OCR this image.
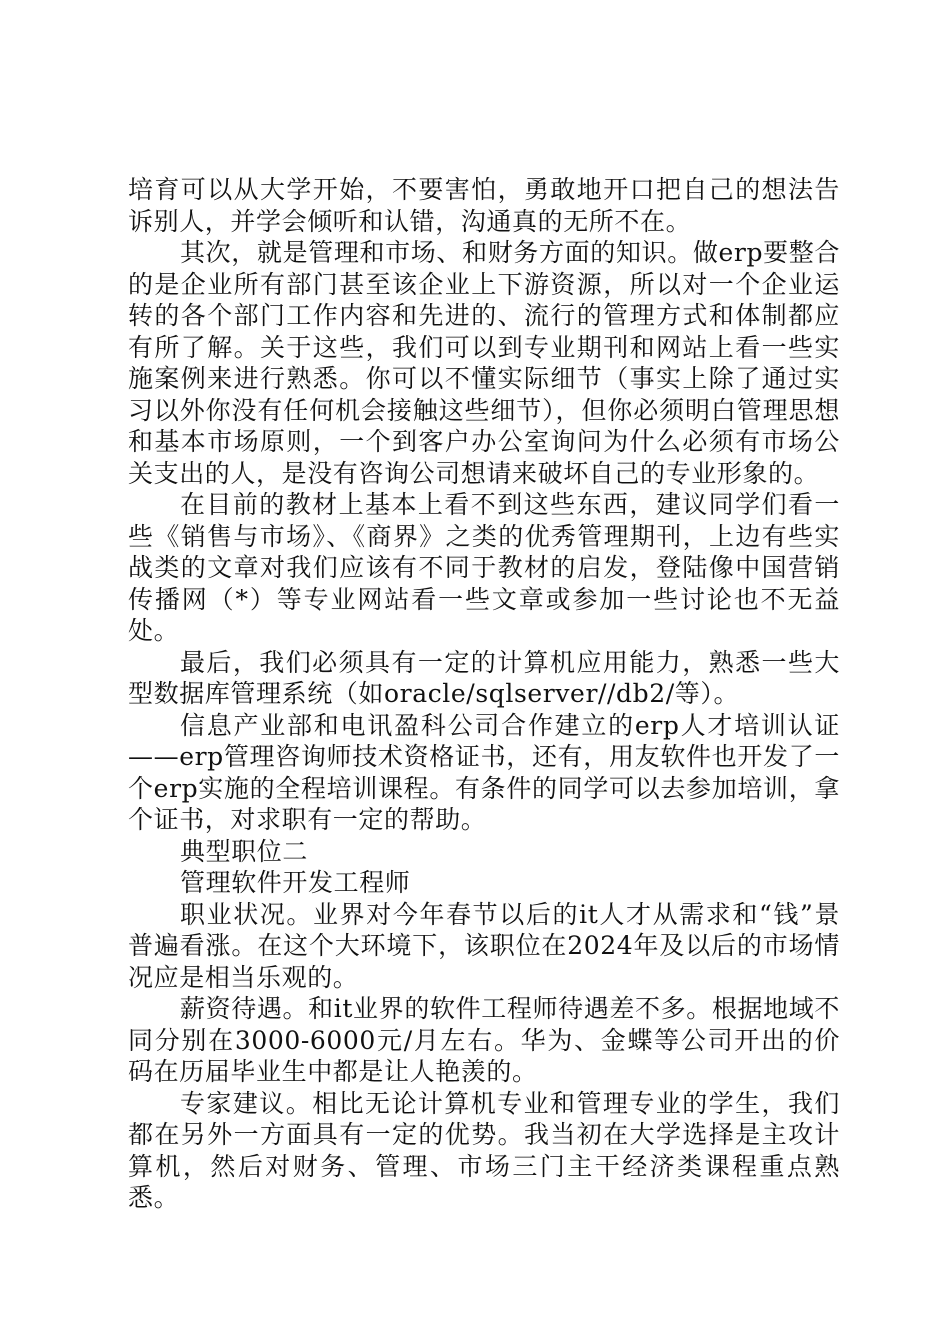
培育可以从大学开始，不要害怕，勇敢地开口把自己的想法告诉别人，并学会倾听和认错，沟通真的无所不在。

其次，就是管理和市场、和财务方面的知识。做erp要整合的是企业所有部门甚至该企业上下游资源，所以对一个企业运转的各个部门工作内容和先进的、流行的管理方式和体制都应有所了解。关于这些，我们可以到专业期刊和网站上看一些实施案例来进行熟悉。你可以不懂实际细节（事实上除了通过实习以外你没有任何机会接触这些细节），但你必须明白管理思想和基本市场原则，一个到客户办公室询问为什么必须有市场公关支出的人，是没有咨询公司想请来破坏自己的专业形象的。

在目前的教材上基本上看不到这些东西，建议同学们看一些《销售与市场》、《商界》之类的优秀管理期刊，上边有些实战类的文章对我们应该有不同于教材的启发，登陆像中国营销传播网（*）等专业网站看一些文章或参加一些讨论也不无益处。

最后，我们必须具有一定的计算机应用能力，熟悉一些大型数据库管理系统（如oracle/sqlserver//db2/等）。

信息产业部和电讯盈科公司合作建立的erp人才培训认证——erp管理咨询师技术资格证书，还有，用友软件也开发了一个erp实施的全程培训课程。有条件的同学可以去参加培训，拿个证书，对求职有一定的帮助。

典型职位二

管理软件开发工程师

职业状况。业界对今年春节以后的it人才从需求和“钱”景普遍看涨。在这个大环境下，该职位在2024年及以后的市场情况应是相当乐观的。

薪资待遇。和it业界的软件工程师待遇差不多。根据地域不同分别在3000-6000元/月左右。华为、金蝶等公司开出的价码在历届毕业生中都是让人艳羡的。

专家建议。相比无论计算机专业和管理专业的学生，我们都在另外一方面具有一定的优势。我当初在大学选择是主攻计算机，然后对财务、管理、市场三门主干经济类课程重点熟悉。
